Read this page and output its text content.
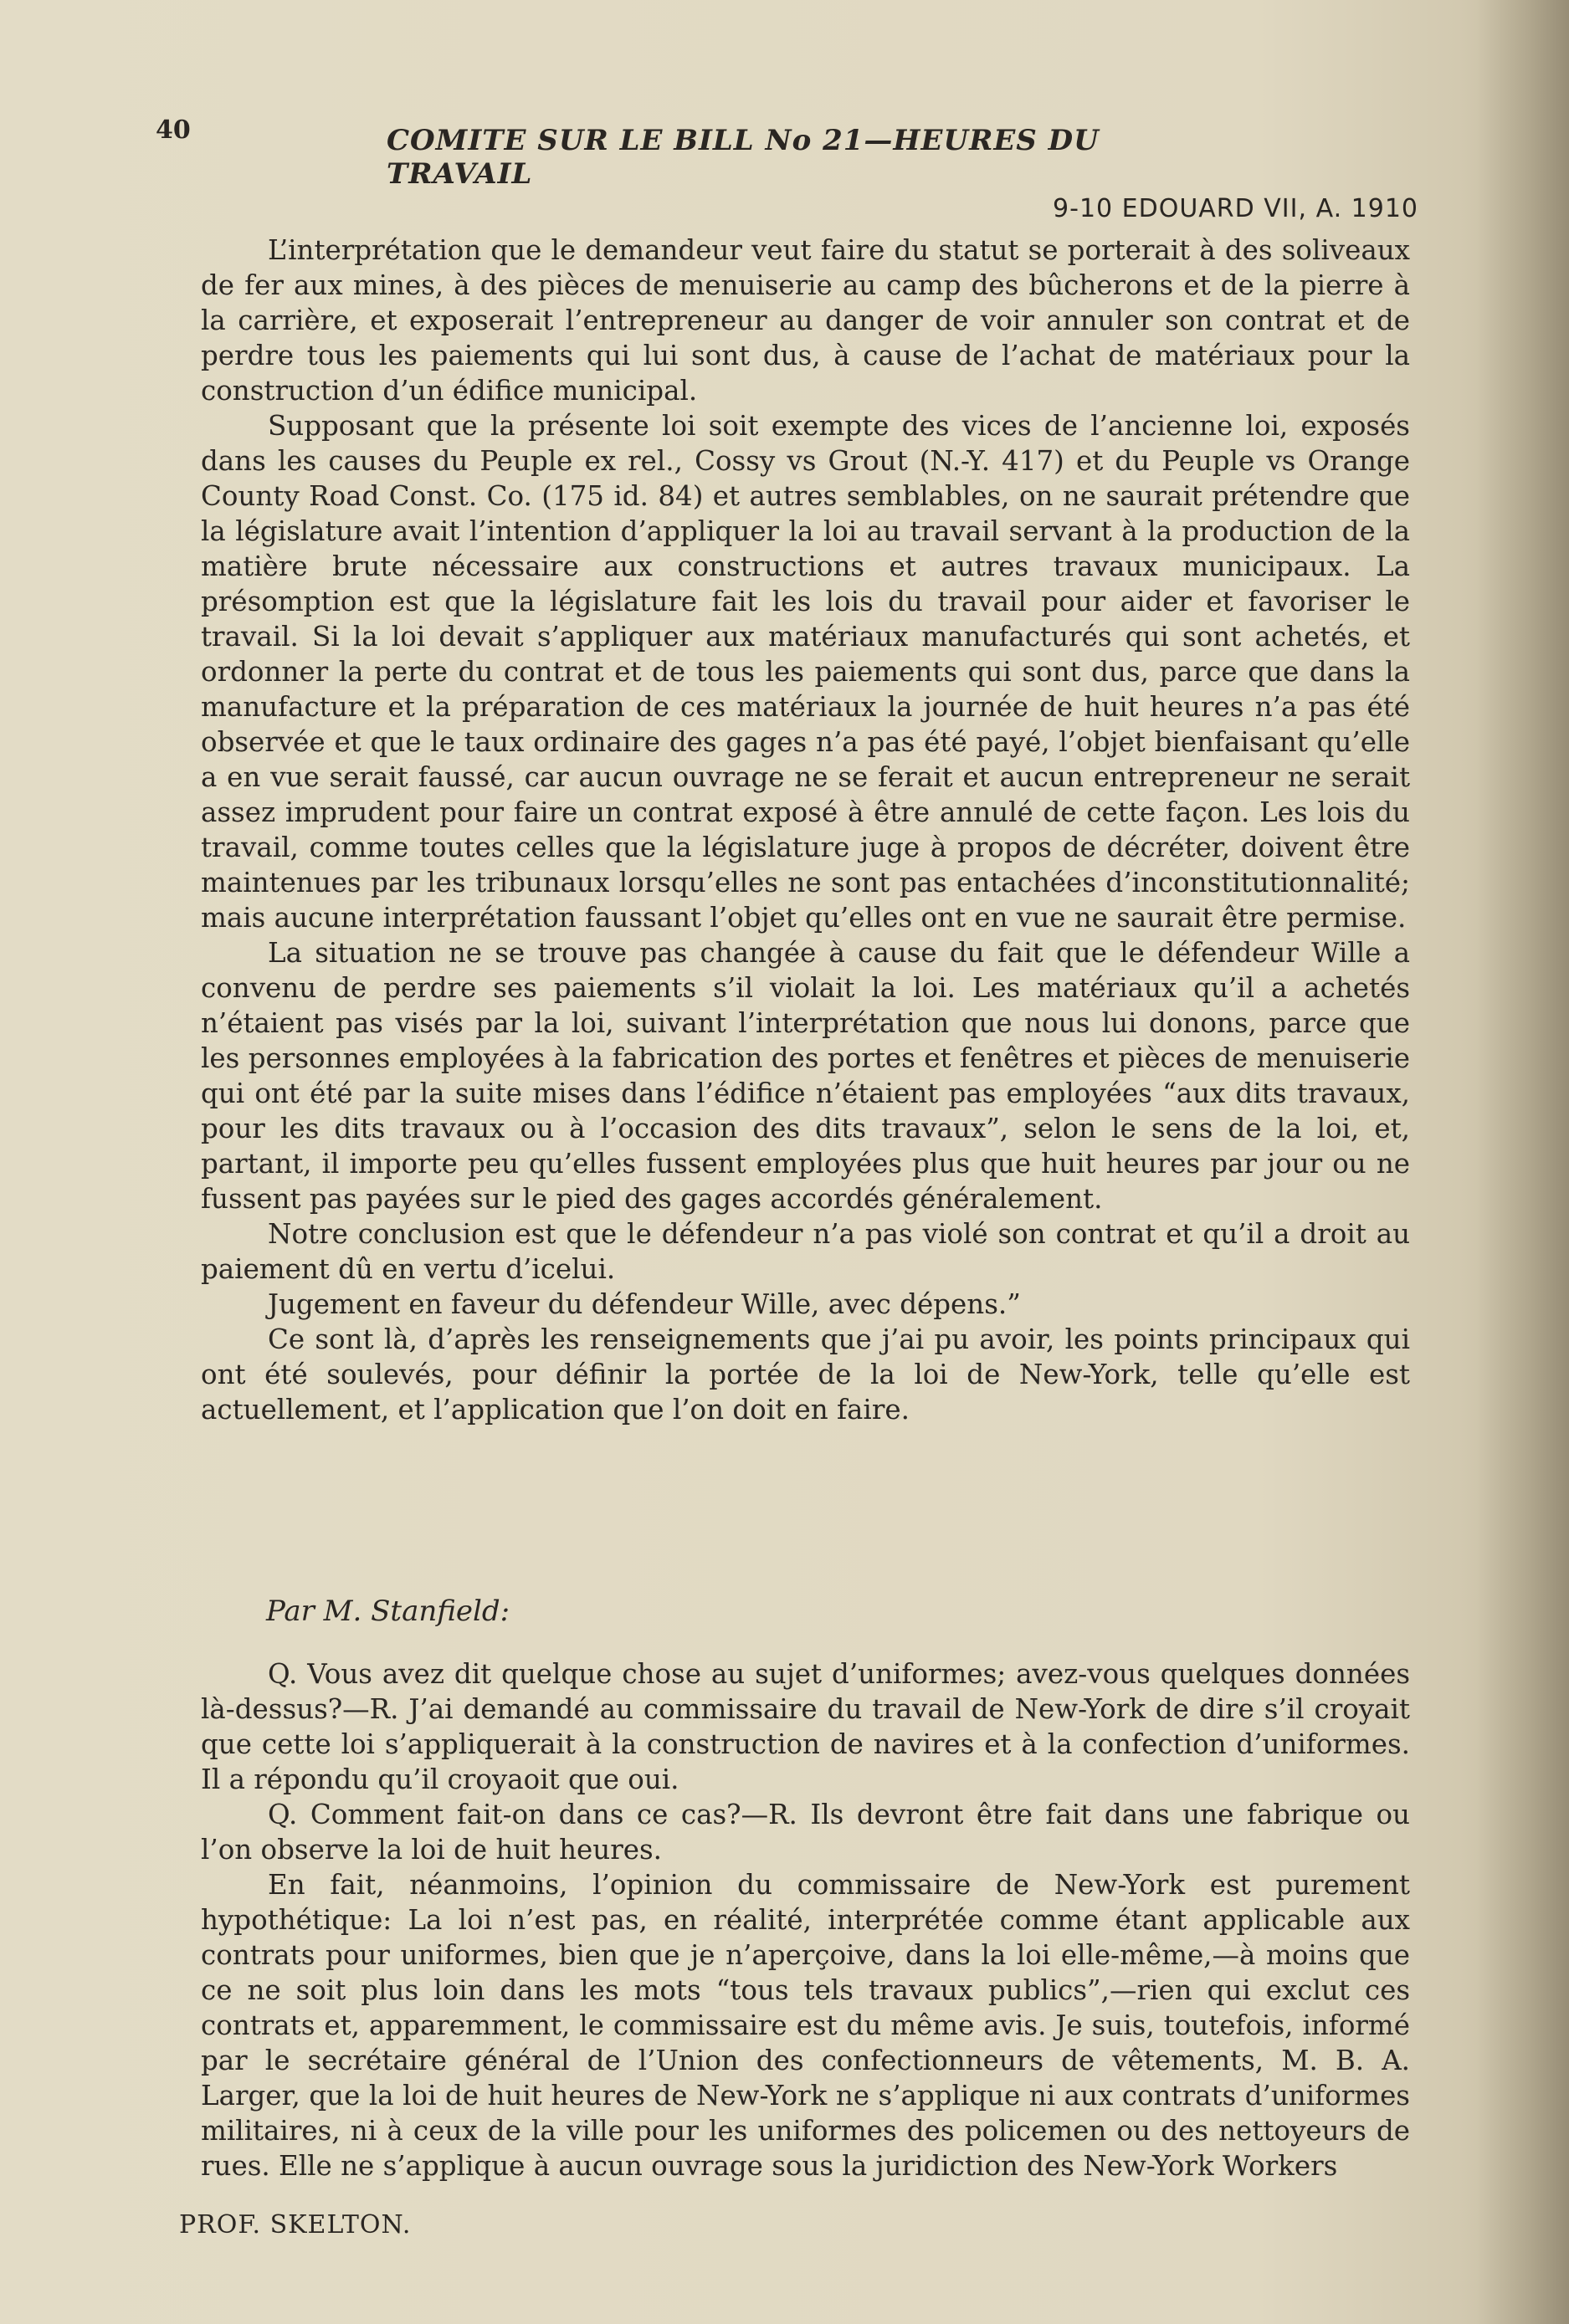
40	COMITE SUR LE BILL No 21—HEURES DU TRAVAIL
9-10 EDOUARD VII, A. 1910

L’interprétation que le demandeur veut faire du statut se porterait à des soliveaux de fer aux mines, à des pièces de menuiserie au camp des bûcherons et de la pierre à la carrière, et exposerait l’entrepreneur au danger de voir annuler son contrat et de perdre tous les paiements qui lui sont dus, à cause de l’achat de matériaux pour la construction d’un édifice municipal.

Supposant que la présente loi soit exempte des vices de l’ancienne loi, exposés dans les causes du Peuple ex rel., Cossy vs Grout (N.-Y. 417) et du Peuple vs Orange County Road Const. Co. (175 id. 84) et autres semblables, on ne saurait prétendre que la législature avait l’intention d’appliquer la loi au travail servant à la production de la matière brute nécessaire aux constructions et autres travaux municipaux. La présomption est que la législature fait les lois du travail pour aider et favoriser le travail. Si la loi devait s’appliquer aux matériaux manufacturés qui sont achetés, et ordonner la perte du contrat et de tous les paiements qui sont dus, parce que dans la manufacture et la préparation de ces matériaux la journée de huit heures n’a pas été observée et que le taux ordinaire des gages n’a pas été payé, l’objet bienfaisant qu’elle a en vue serait faussé, car aucun ouvrage ne se ferait et aucun entrepreneur ne serait assez imprudent pour faire un contrat exposé à être annulé de cette façon. Les lois du travail, comme toutes celles que la législature juge à propos de décréter, doivent être maintenues par les tribunaux lorsqu’elles ne sont pas entachées d’inconstitutionnalité; mais aucune interprétation faussant l’objet qu’elles ont en vue ne saurait être permise.

La situation ne se trouve pas changée à cause du fait que le défendeur Wille a convenu de perdre ses paiements s’il violait la loi. Les matériaux qu’il a achetés n’étaient pas visés par la loi, suivant l’interprétation que nous lui donons, parce que les personnes employées à la fabrication des portes et fenêtres et pièces de menuiserie qui ont été par la suite mises dans l’édifice n’étaient pas employées “aux dits travaux, pour les dits travaux ou à l’occasion des dits travaux”, selon le sens de la loi, et, partant, il importe peu qu’elles fussent employées plus que huit heures par jour ou ne fussent pas payées sur le pied des gages accordés généralement.

Notre conclusion est que le défendeur n’a pas violé son contrat et qu’il a droit au paiement dû en vertu d’icelui.

Jugement en faveur du défendeur Wille, avec dépens.”

Ce sont là, d’après les renseignements que j’ai pu avoir, les points principaux qui ont été soulevés, pour définir la portée de la loi de New-York, telle qu’elle est actuellement, et l’application que l’on doit en faire.

Par M. Stanfield:

Q. Vous avez dit quelque chose au sujet d’uniformes; avez-vous quelques données là-dessus?—R. J’ai demandé au commissaire du travail de New-York de dire s’il croyait que cette loi s’appliquerait à la construction de navires et à la confection d’uniformes. Il a répondu qu’il croyaoit que oui.

Q. Comment fait-on dans ce cas?—R. Ils devront être fait dans une fabrique ou l’on observe la loi de huit heures.

En fait, néanmoins, l’opinion du commissaire de New-York est purement hypothétique: La loi n’est pas, en réalité, interprétée comme étant applicable aux contrats pour uniformes, bien que je n’aperçoive, dans la loi elle-même,—à moins que ce ne soit plus loin dans les mots “tous tels travaux publics”,—rien qui exclut ces contrats et, apparemment, le commissaire est du même avis. Je suis, toutefois, informé par le secrétaire général de l’Union des confectionneurs de vêtements, M. B. A. Larger, que la loi de huit heures de New-York ne s’applique ni aux contrats d’uniformes militaires, ni à ceux de la ville pour les uniformes des policemen ou des nettoyeurs de rues. Elle ne s’applique à aucun ouvrage sous la juridiction des New-York Workers

PROF. SKELTON.
